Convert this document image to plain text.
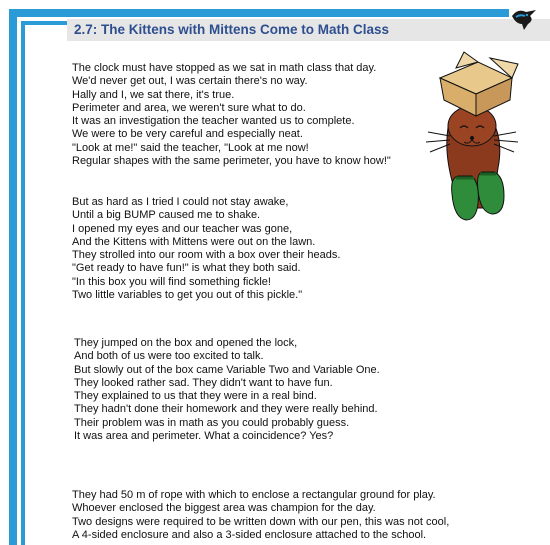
2.7: The Kittens with Mittens Come to Math Class
The clock must have stopped as we sat in math class that day.
We'd never get out, I was certain there's no way.
Hally and I, we sat there, it's true.
Perimeter and area, we weren't sure what to do.
It was an investigation the teacher wanted us to complete.
We were to be very careful and especially neat.
"Look at me!" said the teacher, "Look at me now!
Regular shapes with the same perimeter, you have to know how!"
But as hard as I tried I could not stay awake,
Until a big BUMP caused me to shake.
I opened my eyes and our teacher was gone,
And the Kittens with Mittens were out on the lawn.
They strolled into our room with a box over their heads.
"Get ready to have fun!" is what they both said.
"In this box you will find something fickle!
Two little variables to get you out of this pickle."
They jumped on the box and opened the lock,
And both of us were too excited to talk.
But slowly out of the box came Variable Two and Variable One.
They looked rather sad. They didn't want to have fun.
They explained to us that they were in a real bind.
They hadn't done their homework and they were really behind.
Their problem was in math as you could probably guess.
It was area and perimeter. What a coincidence? Yes?
They had 50 m of rope with which to enclose a rectangular ground for play.
Whoever enclosed the biggest area was champion for the day.
Two designs were required to be written down with our pen, this was not cool,
A 4-sided enclosure and also a 3-sided enclosure attached to the school.
